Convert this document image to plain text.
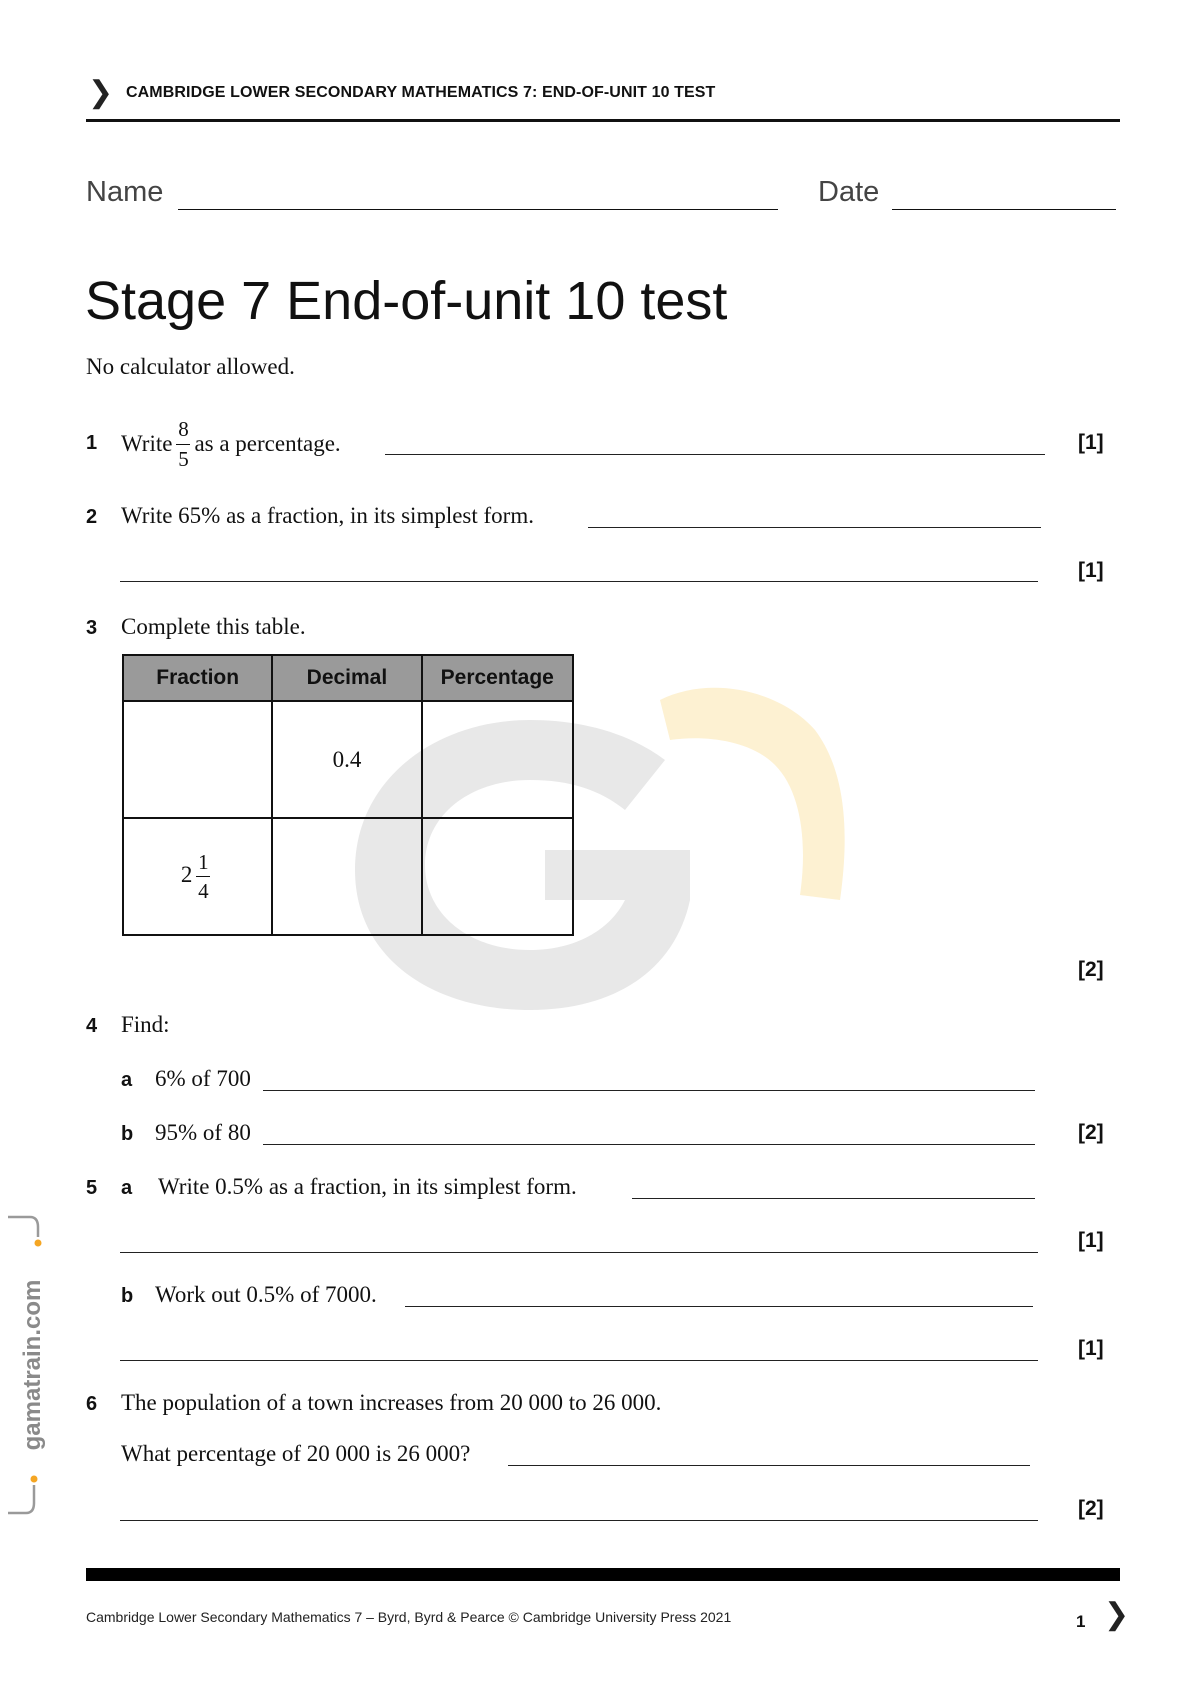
gamatrain.com
❯ CAMBRIDGE LOWER SECONDARY MATHEMATICS 7: END-OF-UNIT 10 TEST
Name	Date
Stage 7 End-of-unit 10 test
No calculator allowed.
1 Write $\frac{8}{5}$ as a percentage.	[1]
2 Write 65% as a fraction, in its simplest form.
[1]
3 Complete this table.
Fraction	Decimal	Percentage
	0.4	
$2 \frac{1}{4}$

[2]
4 Find:
a 6% of 700
b 95% of 80	[2]
5 a Write 0.5% as a fraction, in its simplest form.
[1]
b Work out 0.5% of 7000.
[1]
6 The population of a town increases from 20 000 to 26 000.
What percentage of 20 000 is 26 000?
[2]
Cambridge Lower Secondary Mathematics 7 – Byrd, Byrd & Pearce © Cambridge University Press 2021	1 ❯
